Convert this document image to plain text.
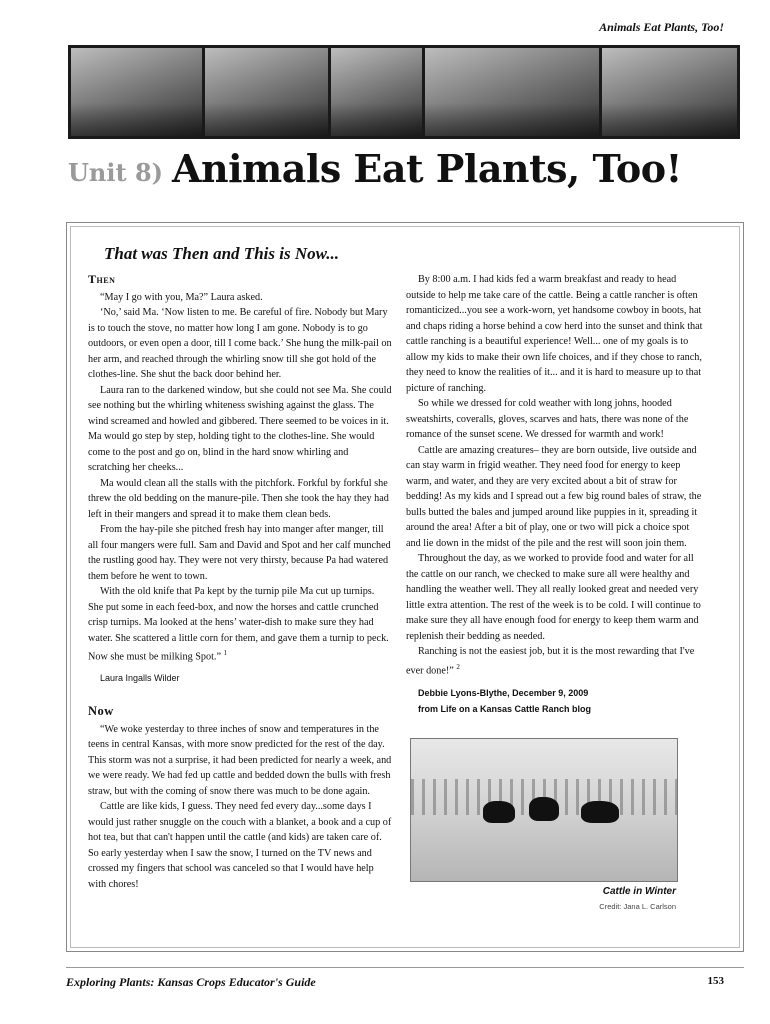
Animals Eat Plants, Too!
Unit 8) Animals Eat Plants, Too!
That was Then and This is Now...
Then

“May I go with you, Ma?” Laura asked.

‘No,’ said Ma. ‘Now listen to me. Be careful of fire. Nobody but Mary is to touch the stove, no matter how long I am gone. Nobody is to go outdoors, or even open a door, till I come back.’ She hung the milk-pail on her arm, and reached through the whirling snow till she got hold of the clothes-line. She shut the back door behind her.

Laura ran to the darkened window, but she could not see Ma. She could see nothing but the whirling whiteness swishing against the glass. The wind screamed and howled and gibbered. There seemed to be voices in it. Ma would go step by step, holding tight to the clothes-line. She would come to the post and go on, blind in the hard snow whirling and scratching her cheeks...

Ma would clean all the stalls with the pitchfork. Forkful by forkful she threw the old bedding on the manure-pile. Then she took the hay they had left in their mangers and spread it to make them clean beds.

From the hay-pile she pitched fresh hay into manger after manger, till all four mangers were full. Sam and David and Spot and her calf munched the rustling good hay. They were not very thirsty, because Pa had watered them before he went to town.

With the old knife that Pa kept by the turnip pile Ma cut up turnips. She put some in each feed-box, and now the horses and cattle crunched crisp turnips. Ma looked at the hens’ water-dish to make sure they had water. She scattered a little corn for them, and gave them a turnip to peck. Now she must be milking Spot.” $^1$

Laura Ingalls Wilder
Now

“We woke yesterday to three inches of snow and temperatures in the teens in central Kansas, with more snow predicted for the rest of the day. This storm was not a surprise, it had been predicted for nearly a week, and we were ready. We had fed up cattle and bedded down the bulls with fresh straw, but with the coming of snow there was much to be done again.

Cattle are like kids, I guess. They need fed every day...some days I would just rather snuggle on the couch with a blanket, a book and a cup of hot tea, but that can't happen until the cattle (and kids) are taken care of. So early yesterday when I saw the snow, I turned on the TV news and crossed my fingers that school was canceled so that I would have help with chores!

By 8:00 a.m. I had kids fed a warm breakfast and ready to head outside to help me take care of the cattle. Being a cattle rancher is often romanticized...you see a work-worn, yet handsome cowboy in boots, hat and chaps riding a horse behind a cow herd into the sunset and think that cattle ranching is a beautiful experience! Well... one of my goals is to allow my kids to make their own life choices, and if they chose to ranch, they need to know the realities of it... and it is hard to measure up to that picture of ranching.

So while we dressed for cold weather with long johns, hooded sweatshirts, coveralls, gloves, scarves and hats, there was none of the romance of the sunset scene. We dressed for warmth and work!

Cattle are amazing creatures– they are born outside, live outside and can stay warm in frigid weather. They need food for energy to keep warm, and water, and they are very excited about a bit of straw for bedding! As my kids and I spread out a few big round bales of straw, the bulls butted the bales and jumped around like puppies in it, spreading it around the area! After a bit of play, one or two will pick a choice spot and lie down in the midst of the pile and the rest will soon join them.

Throughout the day, as we worked to provide food and water for all the cattle on our ranch, we checked to make sure all were healthy and handling the weather well. They all really looked great and needed very little extra attention. The rest of the week is to be cold. I will continue to make sure they all have enough food for energy to keep them warm and replenish their bedding as needed.

Ranching is not the easiest job, but it is the most rewarding that I've ever done!” $^2$

Debbie Lyons-Blythe, December 9, 2009
from Life on a Kansas Cattle Ranch blog
Cattle in Winter
Credit: Jana L. Carlson
Exploring Plants: Kansas Crops Educator's Guide	153
